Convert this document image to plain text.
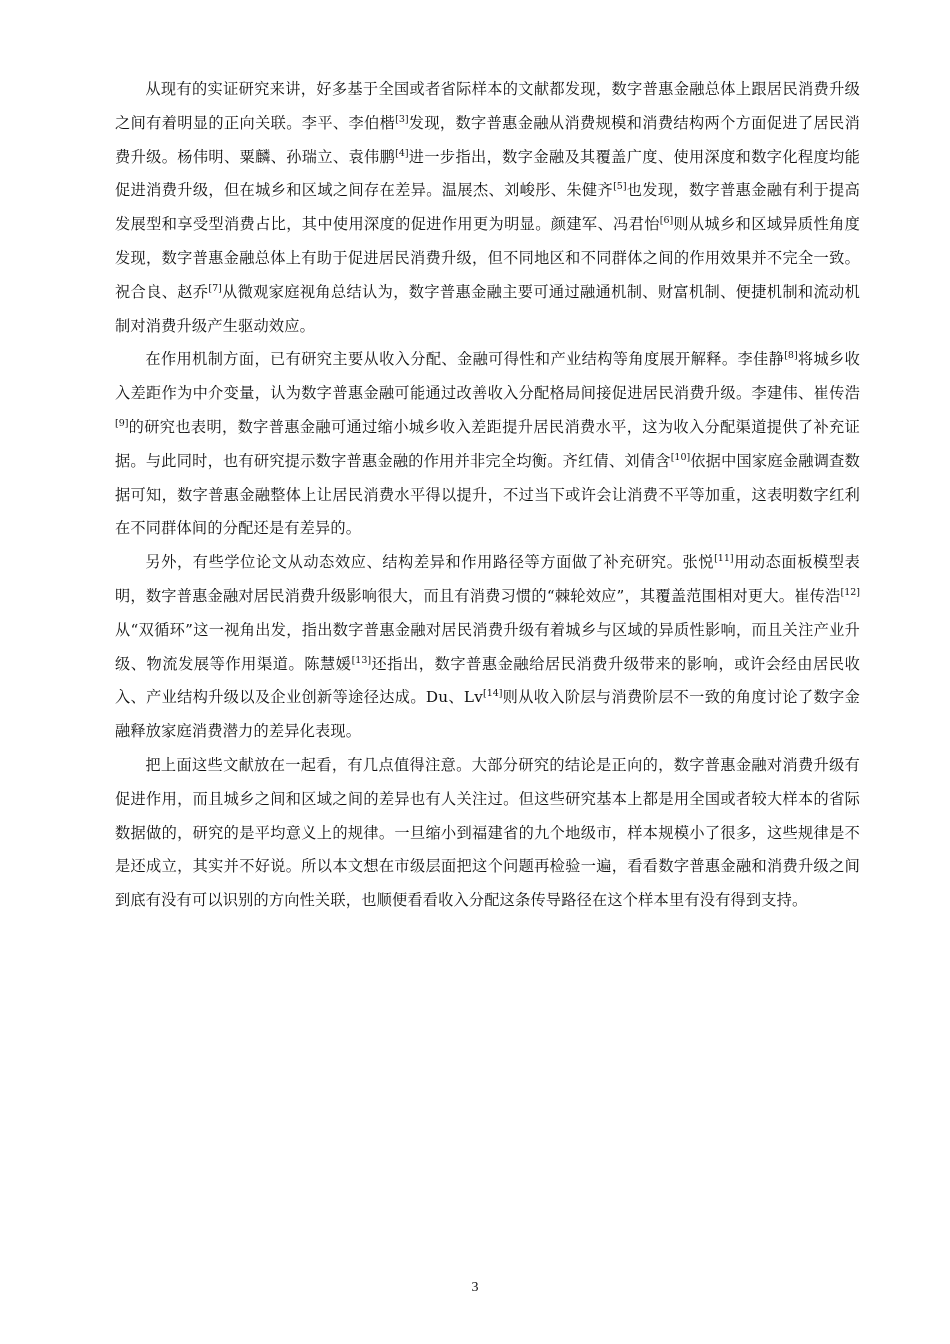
从现有的实证研究来讲，好多基于全国或者省际样本的文献都发现，数字普惠金融总体上跟居民消费升级之间有着明显的正向关联。李平、李伯楷[3]发现，数字普惠金融从消费规模和消费结构两个方面促进了居民消费升级。杨伟明、粟麟、孙瑞立、袁伟鹏[4]进一步指出，数字金融及其覆盖广度、使用深度和数字化程度均能促进消费升级，但在城乡和区域之间存在差异。温展杰、刘峻彤、朱健齐[5]也发现，数字普惠金融有利于提高发展型和享受型消费占比，其中使用深度的促进作用更为明显。颜建军、冯君怡[6]则从城乡和区域异质性角度发现，数字普惠金融总体上有助于促进居民消费升级，但不同地区和不同群体之间的作用效果并不完全一致。祝合良、赵乔[7]从微观家庭视角总结认为，数字普惠金融主要可通过融通机制、财富机制、便捷机制和流动机制对消费升级产生驱动效应。

在作用机制方面，已有研究主要从收入分配、金融可得性和产业结构等角度展开解释。李佳静[8]将城乡收入差距作为中介变量，认为数字普惠金融可能通过改善收入分配格局间接促进居民消费升级。李建伟、崔传浩[9]的研究也表明，数字普惠金融可通过缩小城乡收入差距提升居民消费水平，这为收入分配渠道提供了补充证据。与此同时，也有研究提示数字普惠金融的作用并非完全均衡。齐红倩、刘倩含[10]依据中国家庭金融调查数据可知，数字普惠金融整体上让居民消费水平得以提升，不过当下或许会让消费不平等加重，这表明数字红利在不同群体间的分配还是有差异的。

另外，有些学位论文从动态效应、结构差异和作用路径等方面做了补充研究。张悦[11]用动态面板模型表明，数字普惠金融对居民消费升级影响很大，而且有消费习惯的“棘轮效应”，其覆盖范围相对更大。崔传浩[12]从“双循环”这一视角出发，指出数字普惠金融对居民消费升级有着城乡与区域的异质性影响，而且关注产业升级、物流发展等作用渠道。陈慧媛[13]还指出，数字普惠金融给居民消费升级带来的影响，或许会经由居民收入、产业结构升级以及企业创新等途径达成。Du、Lv[14]则从收入阶层与消费阶层不一致的角度讨论了数字金融释放家庭消费潜力的差异化表现。

把上面这些文献放在一起看，有几点值得注意。大部分研究的结论是正向的，数字普惠金融对消费升级有促进作用，而且城乡之间和区域之间的差异也有人关注过。但这些研究基本上都是用全国或者较大样本的省际数据做的，研究的是平均意义上的规律。一旦缩小到福建省的九个地级市，样本规模小了很多，这些规律是不是还成立，其实并不好说。所以本文想在市级层面把这个问题再检验一遍，看看数字普惠金融和消费升级之间到底有没有可以识别的方向性关联，也顺便看看收入分配这条传导路径在这个样本里有没有得到支持。

3
